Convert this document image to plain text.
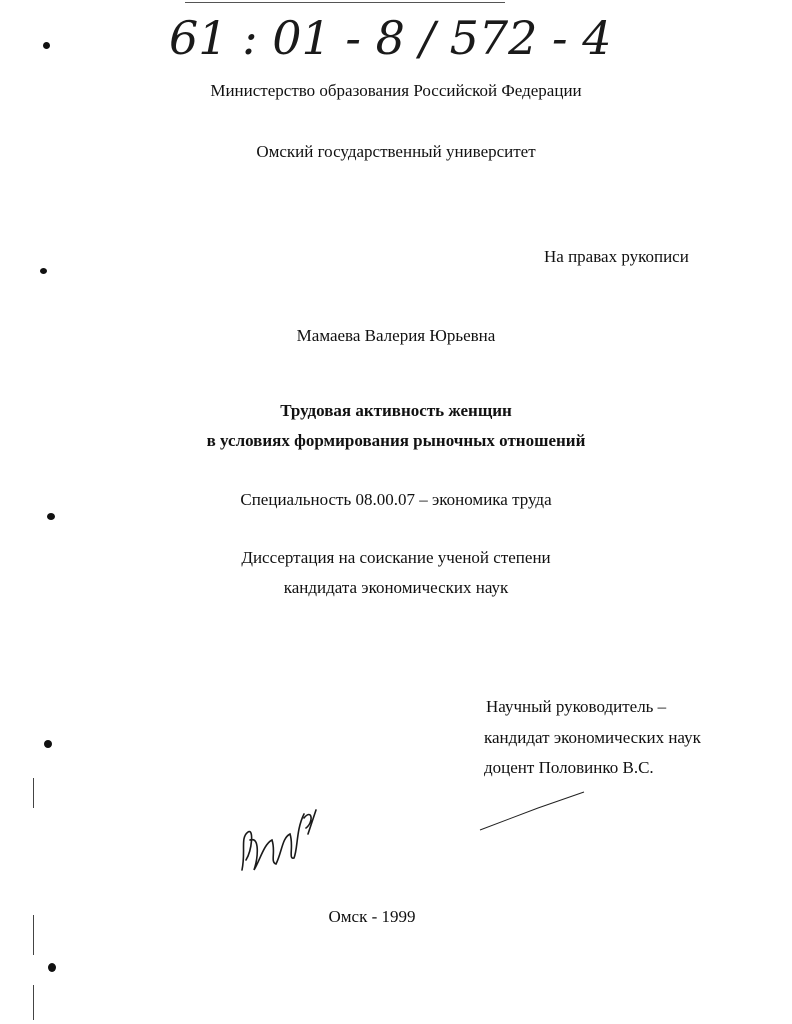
61 : 01 - 8 / 572 - 4
Министерство образования Российской Федерации
Омский государственный университет
На правах рукописи
Мамаева Валерия Юрьевна
Трудовая активность женщин
в условиях формирования рыночных отношений
Специальность 08.00.07 – экономика труда
Диссертация на соискание ученой степени
кандидата экономических наук
Научный руководитель –
кандидат экономических наук
доцент Половинко В.С.
Омск - 1999
